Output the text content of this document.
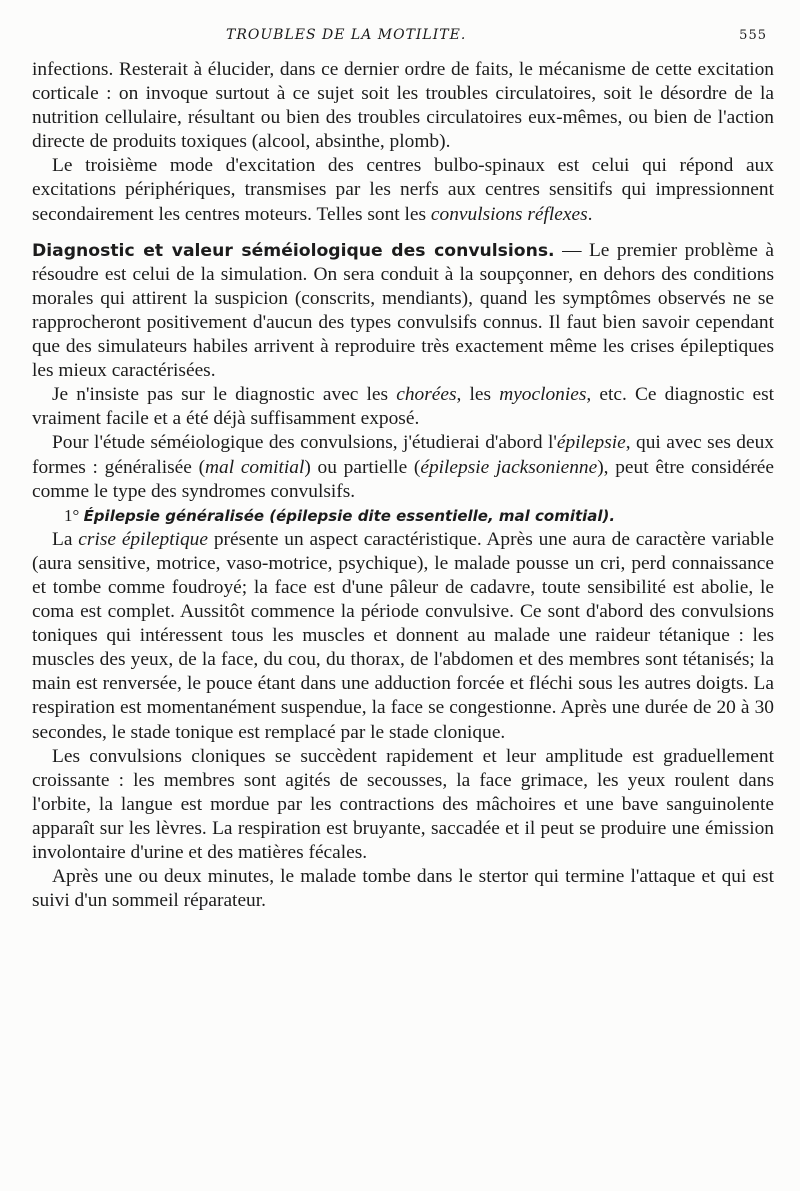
TROUBLES DE LA MOTILITE.	555

infections. Resterait à élucider, dans ce dernier ordre de faits, le mécanisme de cette excitation corticale : on invoque surtout à ce sujet soit les troubles circulatoires, soit le désordre de la nutrition cellulaire, résultant ou bien des troubles circulatoires eux-mêmes, ou bien de l'action directe de produits toxiques (alcool, absinthe, plomb).

Le troisième mode d'excitation des centres bulbo-spinaux est celui qui répond aux excitations périphériques, transmises par les nerfs aux centres sensitifs qui impressionnent secondairement les centres moteurs. Telles sont les convulsions réflexes.

Diagnostic et valeur séméiologique des convulsions. — Le premier problème à résoudre est celui de la simulation. On sera conduit à la soupçonner, en dehors des conditions morales qui attirent la suspicion (conscrits, mendiants), quand les symptômes observés ne se rapprocheront positivement d'aucun des types convulsifs connus. Il faut bien savoir cependant que des simulateurs habiles arrivent à reproduire très exactement même les crises épileptiques les mieux caractérisées.

Je n'insiste pas sur le diagnostic avec les chorées, les myoclonies, etc. Ce diagnostic est vraiment facile et a été déjà suffisamment exposé.

Pour l'étude séméiologique des convulsions, j'étudierai d'abord l'épilepsie, qui avec ses deux formes : généralisée (mal comitial) ou partielle (épilepsie jacksonienne), peut être considérée comme le type des syndromes convulsifs.

1° Épilepsie généralisée (épilepsie dite essentielle, mal comitial).

La crise épileptique présente un aspect caractéristique. Après une aura de caractère variable (aura sensitive, motrice, vaso-motrice, psychique), le malade pousse un cri, perd connaissance et tombe comme foudroyé; la face est d'une pâleur de cadavre, toute sensibilité est abolie, le coma est complet. Aussitôt commence la période convulsive. Ce sont d'abord des convulsions toniques qui intéressent tous les muscles et donnent au malade une raideur tétanique : les muscles des yeux, de la face, du cou, du thorax, de l'abdomen et des membres sont tétanisés; la main est renversée, le pouce étant dans une adduction forcée et fléchi sous les autres doigts. La respiration est momentanément suspendue, la face se congestionne. Après une durée de 20 à 30 secondes, le stade tonique est remplacé par le stade clonique.

Les convulsions cloniques se succèdent rapidement et leur amplitude est graduellement croissante : les membres sont agités de secousses, la face grimace, les yeux roulent dans l'orbite, la langue est mordue par les contractions des mâchoires et une bave sanguinolente apparaît sur les lèvres. La respiration est bruyante, saccadée et il peut se produire une émission involontaire d'urine et des matières fécales.

Après une ou deux minutes, le malade tombe dans le stertor qui termine l'attaque et qui est suivi d'un sommeil réparateur.
